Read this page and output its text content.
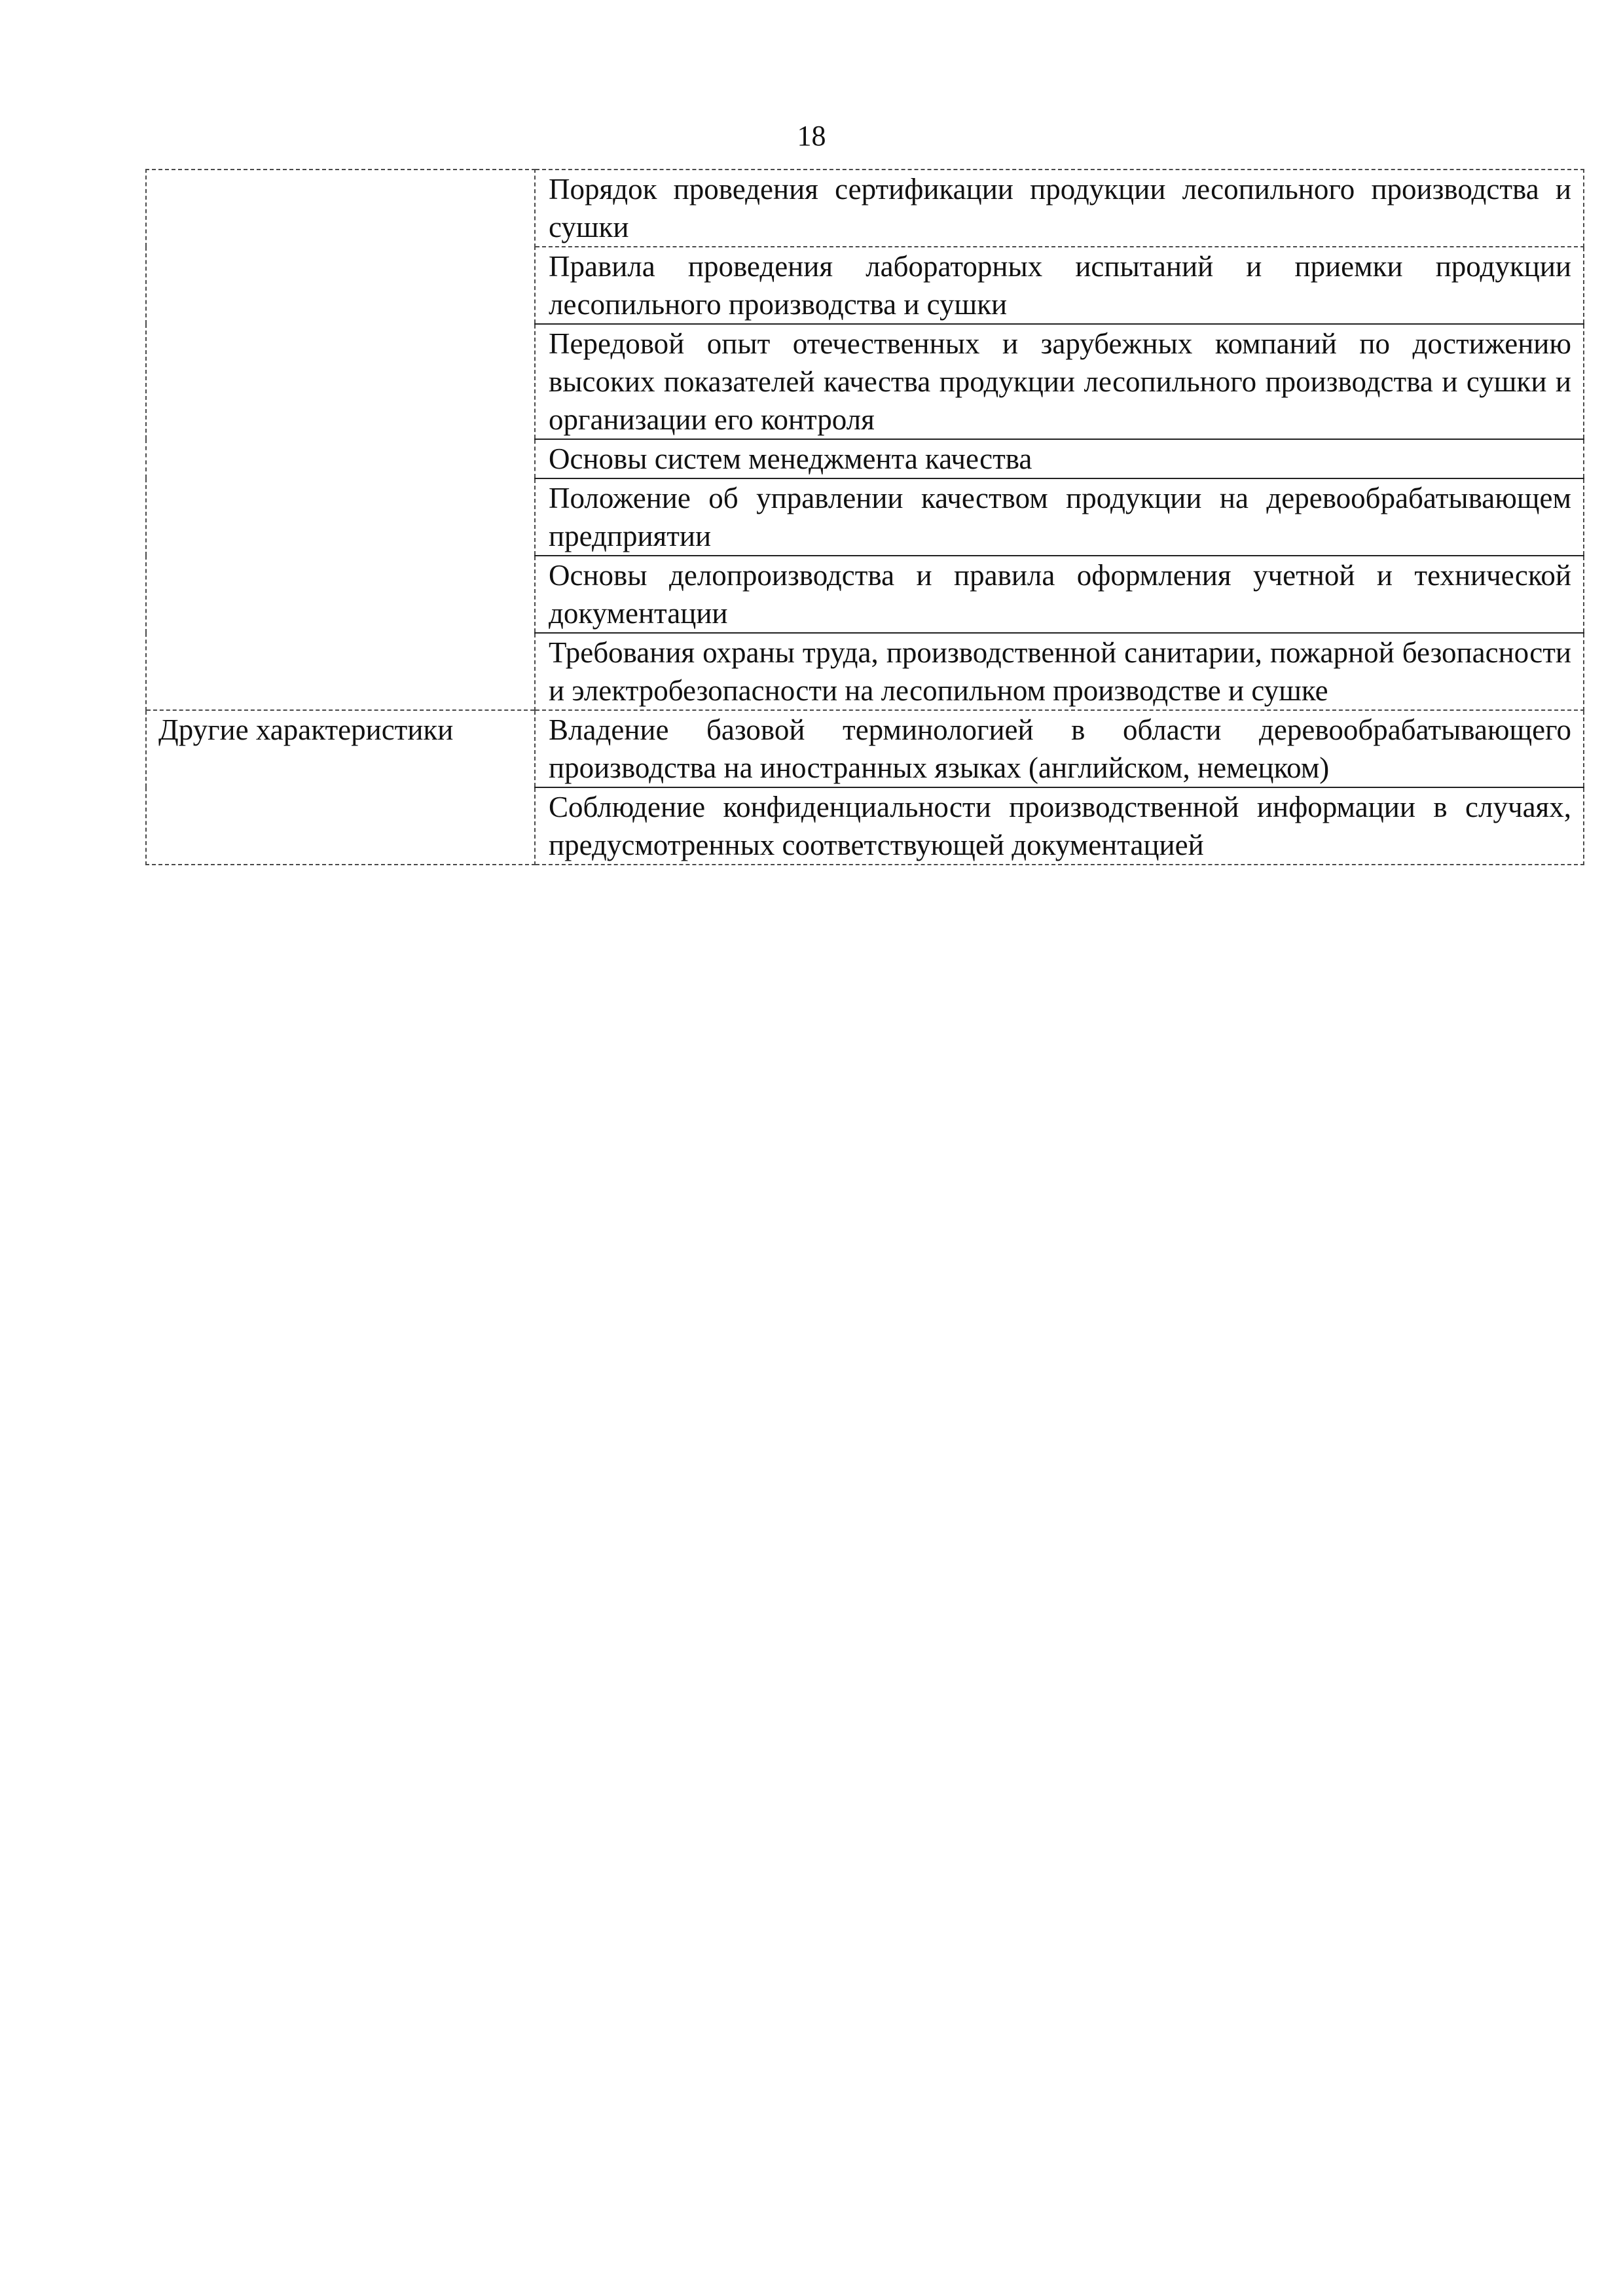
18
	Порядок проведения сертификации продукции лесопильного производства и сушки
	Правила проведения лабораторных испытаний и приемки продукции лесопильного производства и сушки
	Передовой опыт отечественных и зарубежных компаний по достижению высоких показателей качества продукции лесопильного производства и сушки и организации его контроля
	Основы систем менеджмента качества
	Положение об управлении качеством продукции на деревообрабатывающем предприятии
	Основы делопроизводства и правила оформления учетной и технической документации
	Требования охраны труда, производственной санитарии, пожарной безопасности и электробезопасности на лесопильном производстве и сушке
Другие характеристики	Владение базовой терминологией в области деревообрабатывающего производства на иностранных языках (английском, немецком)
	Соблюдение конфиденциальности производственной информации в случаях, предусмотренных соответствующей документацией
